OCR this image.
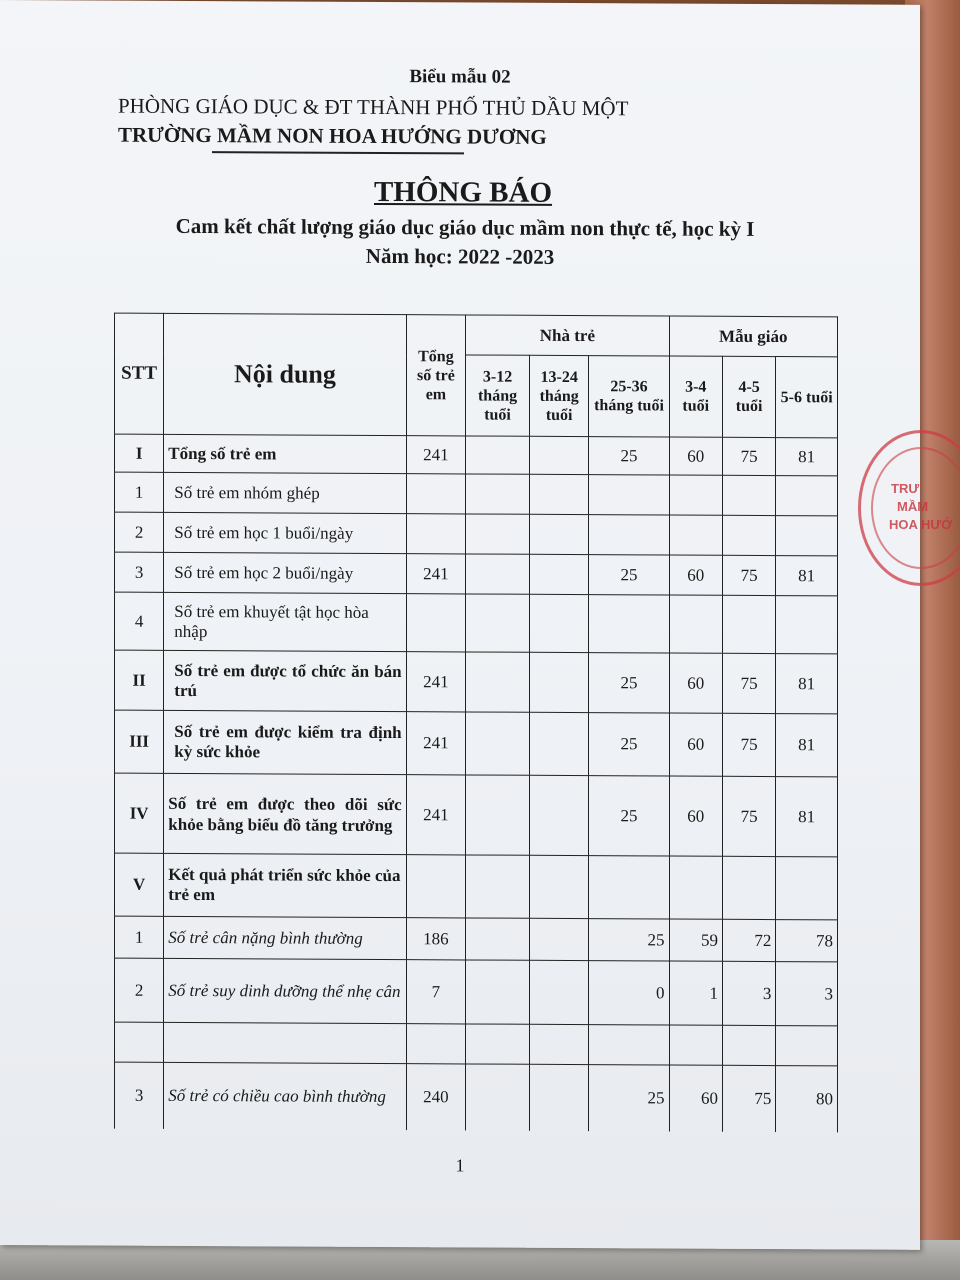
Biểu mẫu 02
PHÒNG GIÁO DỤC & ĐT THÀNH PHỐ THỦ DẦU MỘT
TRƯỜNG MẦM NON HOA HƯỚNG DƯƠNG
THÔNG BÁO
Cam kết chất lượng giáo dục giáo dục mầm non thực tế, học kỳ I
Năm học: 2022 -2023
STT	Nội dung	Tổng số trẻ em	Nhà trẻ			Mẫu giáo		
			3-12 tháng tuổi	13-24 tháng tuổi	25-36 tháng tuổi	3-4 tuổi	4-5 tuổi	5-6 tuổi
I	Tổng số trẻ em	241			25	60	75	81
1	Số trẻ em nhóm ghép							
2	Số trẻ em học 1 buổi/ngày							
3	Số trẻ em học 2 buổi/ngày	241			25	60	75	81
4	Số trẻ em khuyết tật học hòa nhập							
II	Số trẻ em được tổ chức ăn bán trú	241			25	60	75	81
III	Số trẻ em được kiểm tra định kỳ sức khỏe	241			25	60	75	81
IV	Số trẻ em được theo dõi sức khỏe bằng biểu đồ tăng trưởng	241			25	60	75	81
V	Kết quả phát triển sức khỏe của trẻ em							
1	Số trẻ cân nặng bình thường	186			25	59	72	78
2	Số trẻ suy dinh dưỡng thể nhẹ cân	7			0	1	3	3

3	Số trẻ có chiều cao bình thường	240			25	60	75	80
1
TRƯ
MẦM
HOA HƯỚ
